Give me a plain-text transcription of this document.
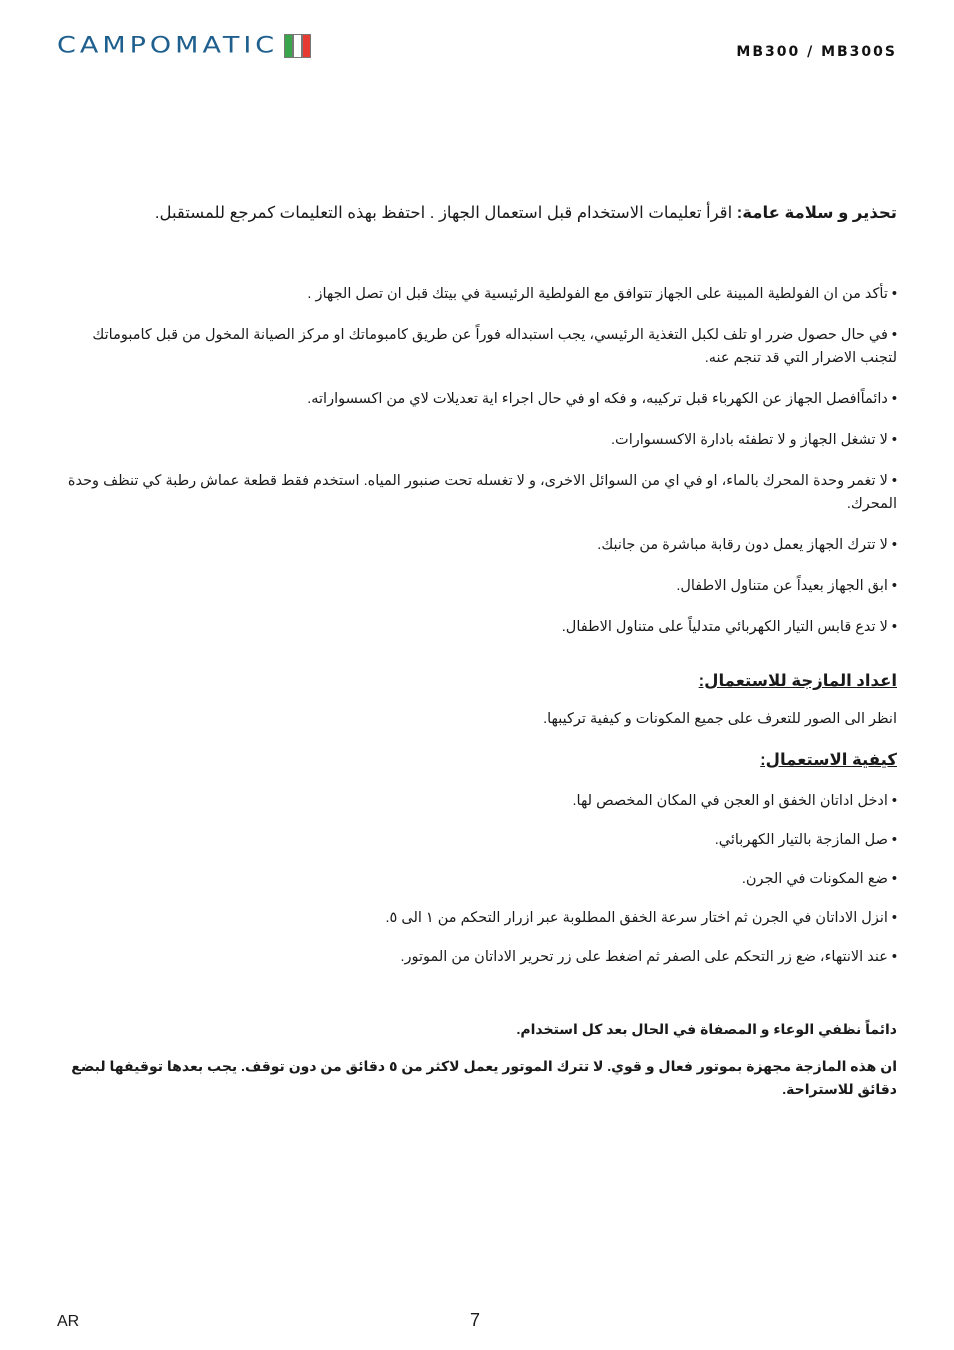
CAMPOMATIC	MB300 / MB300S
تحذير و سلامة عامة: اقرأ تعليمات الاستخدام قبل استعمال الجهاز . احتفظ بهذه التعليمات كمرجع للمستقبل.

• تأكد من ان الفولطية المبينة على الجهاز تتوافق مع الفولطية الرئيسية في بيتك قبل ان تصل الجهاز .

• في حال حصول ضرر او تلف لكبل التغذية الرئيسي، يجب استبداله فوراً عن طريق كامبوماتك او مركز الصيانة المخول من قبل كامبوماتك لتجنب الاضرار التي قد تنجم عنه.

• دائماًافصل الجهاز عن الكهرباء قبل تركيبه، و فكه او في حال اجراء اية تعديلات لاي من اكسسواراته.

• لا تشغل الجهاز و لا تطفئه بادارة الاكسسوارات.

• لا تغمر وحدة المحرك بالماء، او في اي من السوائل الاخرى، و لا تغسله تحت صنبور المياه. استخدم فقط قطعة عماش رطبة كي تنظف وحدة المحرك.

• لا تترك الجهاز يعمل دون رقابة مباشرة من جانبك.

• ابق الجهاز بعيداً عن متناول الاطفال.

• لا تدع قابس التيار الكهربائي متدلياً على متناول الاطفال.

اعداد المازجة للاستعمال:
انظر الى الصور للتعرف على جميع المكونات و كيفية تركيبها.
كيفية الاستعمال:

• ادخل اداتان الخفق او العجن في المكان المخصص لها.

• صل المازجة بالتيار الكهربائي.

• ضع المكونات في الجرن.

• انزل الاداتان في الجرن ثم اختار سرعة الخفق المطلوبة عبر ازرار التحكم من ١ الى ٥.

• عند الانتهاء، ضع زر التحكم على الصفر ثم اضغط على زر تحرير الاداتان من الموتور.

دائماً نظفي الوعاء و المصفاة في الحال بعد كل استخدام.

ان هذه المازجة مجهزة بموتور فعال و قوي. لا تترك الموتور يعمل لاكثر من ٥ دقائق من دون توقف. يجب بعدها توقيفها لبضع دقائق للاستراحة.

AR	7
